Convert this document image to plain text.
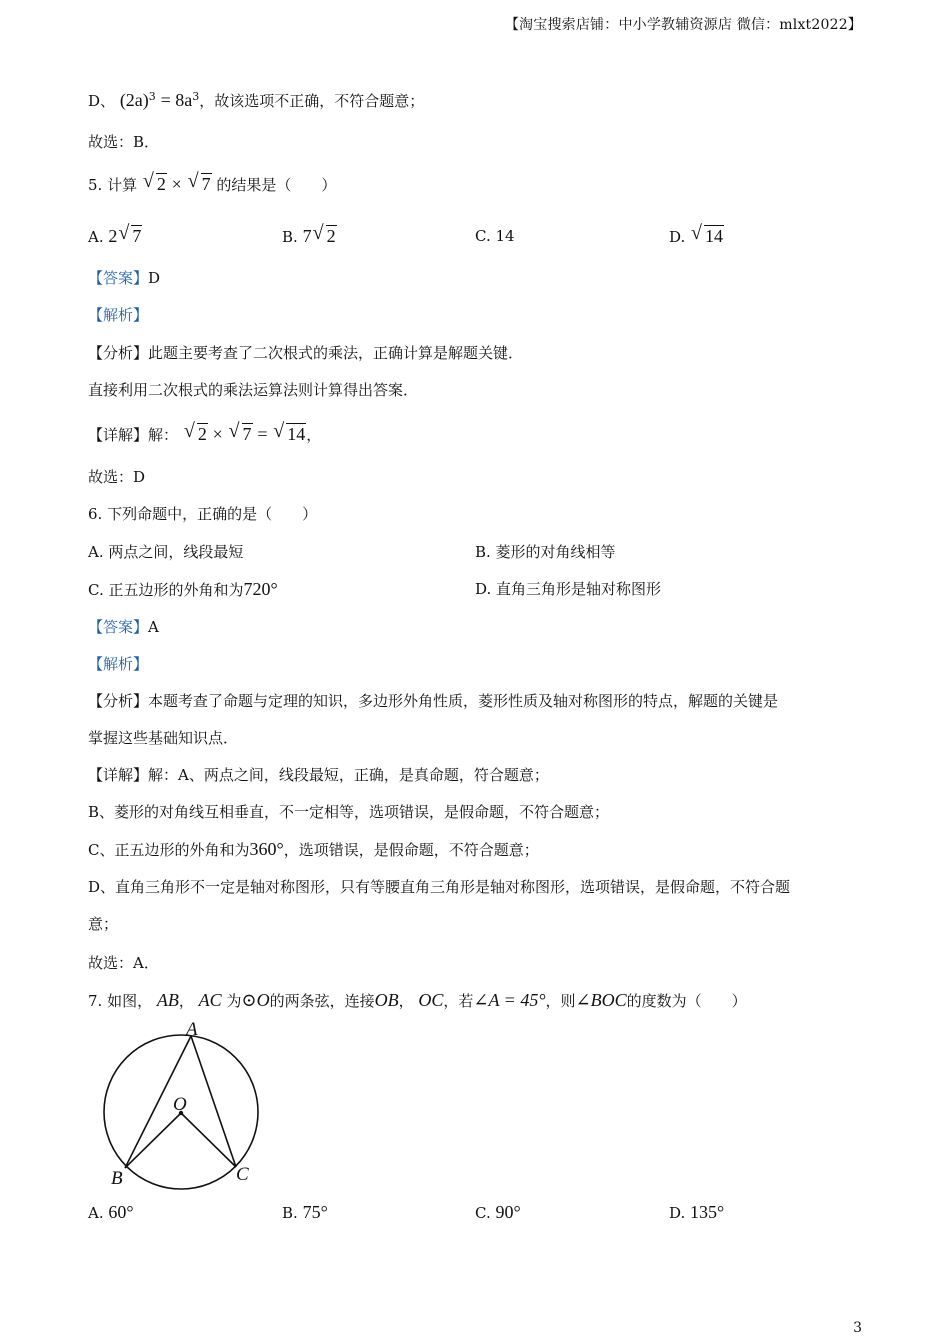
【淘宝搜索店铺：中小学教辅资源店 微信：mlxt2022】
D、 $(2a)^3 = 8a^3$，故该选项不正确，不符合题意；
故选：B．
5. 计算 √ 2 × √ 7 的结果是（　　）
A. 2 √ 7	B. 7 √ 2	C. 14	D. √ 14
【答案】D
【解析】
【分析】此题主要考查了二次根式的乘法，正确计算是解题关键．
直接利用二次根式的乘法运算法则计算得出答案．
【详解】解： √ 2 × √ 7 = √ 14，
故选：D
6. 下列命题中，正确的是（　　）
A. 两点之间，线段最短	B. 菱形的对角线相等
C. 正五边形的外角和为720°	D. 直角三角形是轴对称图形
【答案】A
【解析】
【分析】本题考查了命题与定理的知识，多边形外角性质，菱形性质及轴对称图形的特点，解题的关键是
掌握这些基础知识点．
【详解】解：A、两点之间，线段最短，正确，是真命题，符合题意；
B、菱形的对角线互相垂直，不一定相等，选项错误，是假命题，不符合题意；
C、正五边形的外角和为360°，选项错误，是假命题，不符合题意；
D、直角三角形不一定是轴对称图形，只有等腰直角三角形是轴对称图形，选项错误，是假命题，不符合题
意；
故选：A．
7. 如图， AB， AC 为⊙O的两条弦，连接OB， OC，若∠A = 45°，则∠BOC的度数为（　　）
A
O
B	C
A. 60°	B. 75°	C. 90°	D. 135°
3
